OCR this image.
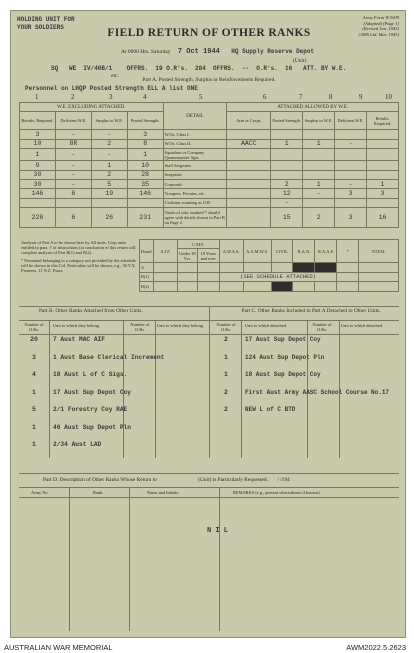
HOLDING UNIT FOR
YOUR SOLDIERS
Army Form W.3009
(Adapted) (Page 1)
(Revised Jan. 1943)
(AMS Ltd. Mar. 1943)
FIELD RETURN OF OTHER RANKS
At 0900 Hrs. Saturday 7 Oct 1944 HQ Supply Reserve Depot
(Unit)
SQ   WE  IV/40B/1    OFFRS.  19 O.R's.  284  OFFRS.  --  O.R's.  16   ATT. BY W.E.
etc.
Part A. Posted Strength, Surplus or Reinforcements Required.
Personnel on LHQP Posted Strength ELL A list ONE
1	2	3	4	5	6	7	8	9	10
W.E. EXCLUDING ATTACHED.				DETAIL	ATTACHED ALLOWED BY W.E.				
Reinfts. Required.	Deficient W.E.	Surplus to W.E.	Posted Strength.		Arm or Corps.	Posted Strength.	Surplus to W.E.	Deficient W.E.	Reinfts. Required.
3	-	-	3	W.Os. Class I.					
10	8R	2	8	W.Os. Class II.	AACC	1	1	-	
1	-	-	1	Squadron or Company Quartermaster Sgts.					
9	-	1	10	Staff Sergeants					
30	-	2	28	Sergeants					
30	-	5	35	Corporals		2	1	-	1
146	6	19	146	Troopers, Privates, etc.		12	-	3	3
				Civilians counting as O.R.		-			
228	6	26	231	Totals of cols. marked * should agree with details shown in Part B on Page 2.		15	2	3	16
Analysis of Part A to be shown here by All units. Corp units entitled in para. 7 of instructions (at conclusion of this return will complete analysis of Part B(1) and B(2).
* Personnel belonging to a category not provided by the schedule will be shown in this Col. Particulars will be shown, e.g., 30 V.X. Pioneers, 11 N.Z. Fusrs.
Detail	A.I.F.	C.M.F.		A.W.A.S.	A.A.M.W.S.	CIVIL	R.A.N.	R.A.A.F.	*	TOTAL
		Under 18 Yrs.	18 Years and over							
A										
B(1)				(SEE SCHEDULE ATTACHED)						
B(2)										
Part B. Other Ranks Attached from Other Units.	Part C. Other Ranks Included in Part A Detached to Other Units.
Number of O.Rs.
Unit to which they belong.	Number of O.Rs.
Unit to which they belong.	Number of O.Rs.
Unit to which detached.	Number of O.Rs.
Unit to which detached.
20	7 Aust MAC AIF
3	1 Aust Base Clerical Increment
4	18 Aust L of C Sigs.
1	17 Aust Sup Depot Coy
5	2/1 Forestry Coy RAE
1	46 Aust Sup Depot Pln
1	2/34 Aust LAD
2	17 Aust Sup Depot Coy
1	124 Aust Sup Depot Pln
1	18 Aust Sup Depot Coy
2	First Aust Army AASC School Course No.17
2	NEW L of C BTD
Part D. Description of Other Ranks Whose Return to	(Unit) is Particularly Requested. / /194
Army No.	Rank.	Name and Initials.	REMARKS (e.g., present whereabouts if known).
N I L
AUSTRALIAN WAR MEMORIAL	AWM2022.5.2623
